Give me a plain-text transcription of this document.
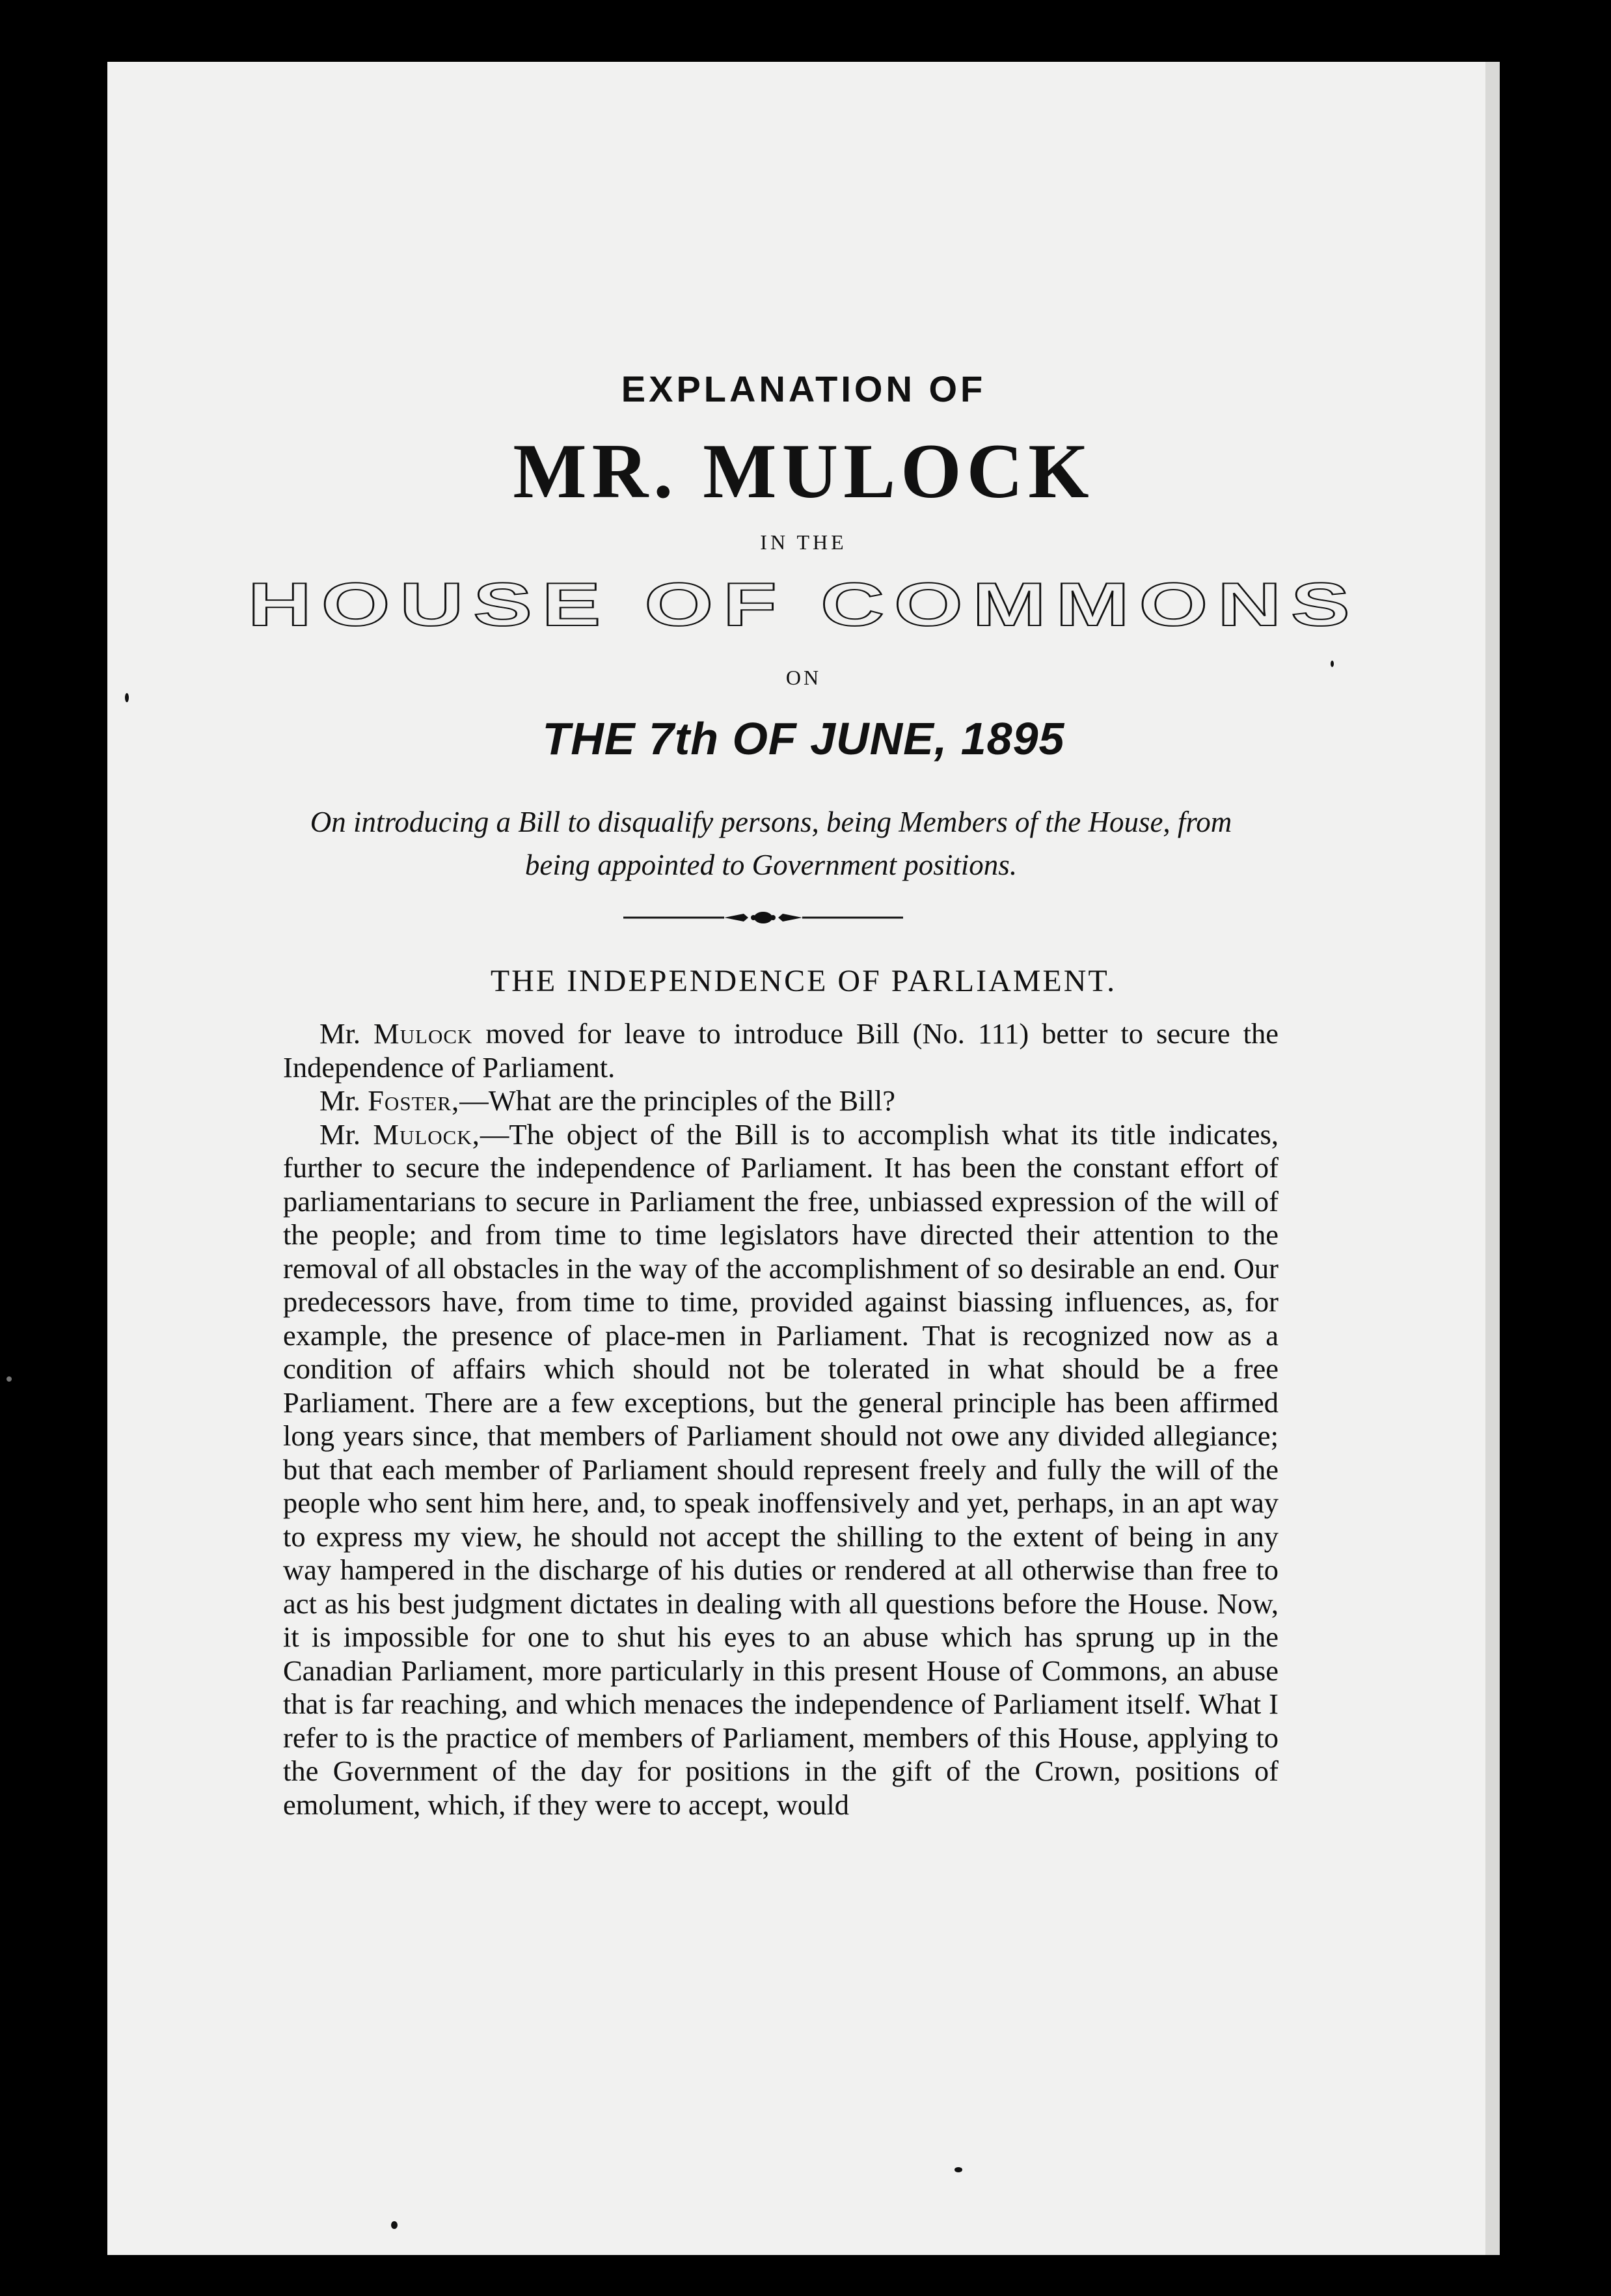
EXPLANATION OF
MR. MULOCK
IN THE
HOUSE OF COMMONS
ON
THE 7th OF JUNE, 1895
On introducing a Bill to disqualify persons, being Members of the House, from being appointed to Government positions.
THE INDEPENDENCE OF PARLIAMENT.

Mr. Mulock moved for leave to introduce Bill (No. 111) better to secure the Independence of Parliament.

Mr. Foster,—What are the principles of the Bill?

Mr. Mulock,—The object of the Bill is to accomplish what its title indicates, further to secure the independence of Parliament. It has been the constant effort of parliamentarians to secure in Parliament the free, unbiassed expression of the will of the people; and from time to time legislators have directed their attention to the removal of all obstacles in the way of the accomplishment of so desirable an end. Our predecessors have, from time to time, provided against biassing influences, as, for example, the presence of place-men in Parliament. That is recognized now as a condition of affairs which should not be tolerated in what should be a free Parliament. There are a few exceptions, but the general principle has been affirmed long years since, that members of Parliament should not owe any divided allegiance; but that each member of Parliament should represent freely and fully the will of the people who sent him here, and, to speak inoffensively and yet, perhaps, in an apt way to express my view, he should not accept the shilling to the extent of being in any way hampered in the discharge of his duties or rendered at all otherwise than free to act as his best judgment dictates in dealing with all questions before the House. Now, it is impossible for one to shut his eyes to an abuse which has sprung up in the Canadian Parliament, more particularly in this present House of Commons, an abuse that is far reaching, and which menaces the independence of Parliament itself. What I refer to is the practice of members of Parliament, members of this House, applying to the Government of the day for positions in the gift of the Crown, positions of emolument, which, if they were to accept, would
